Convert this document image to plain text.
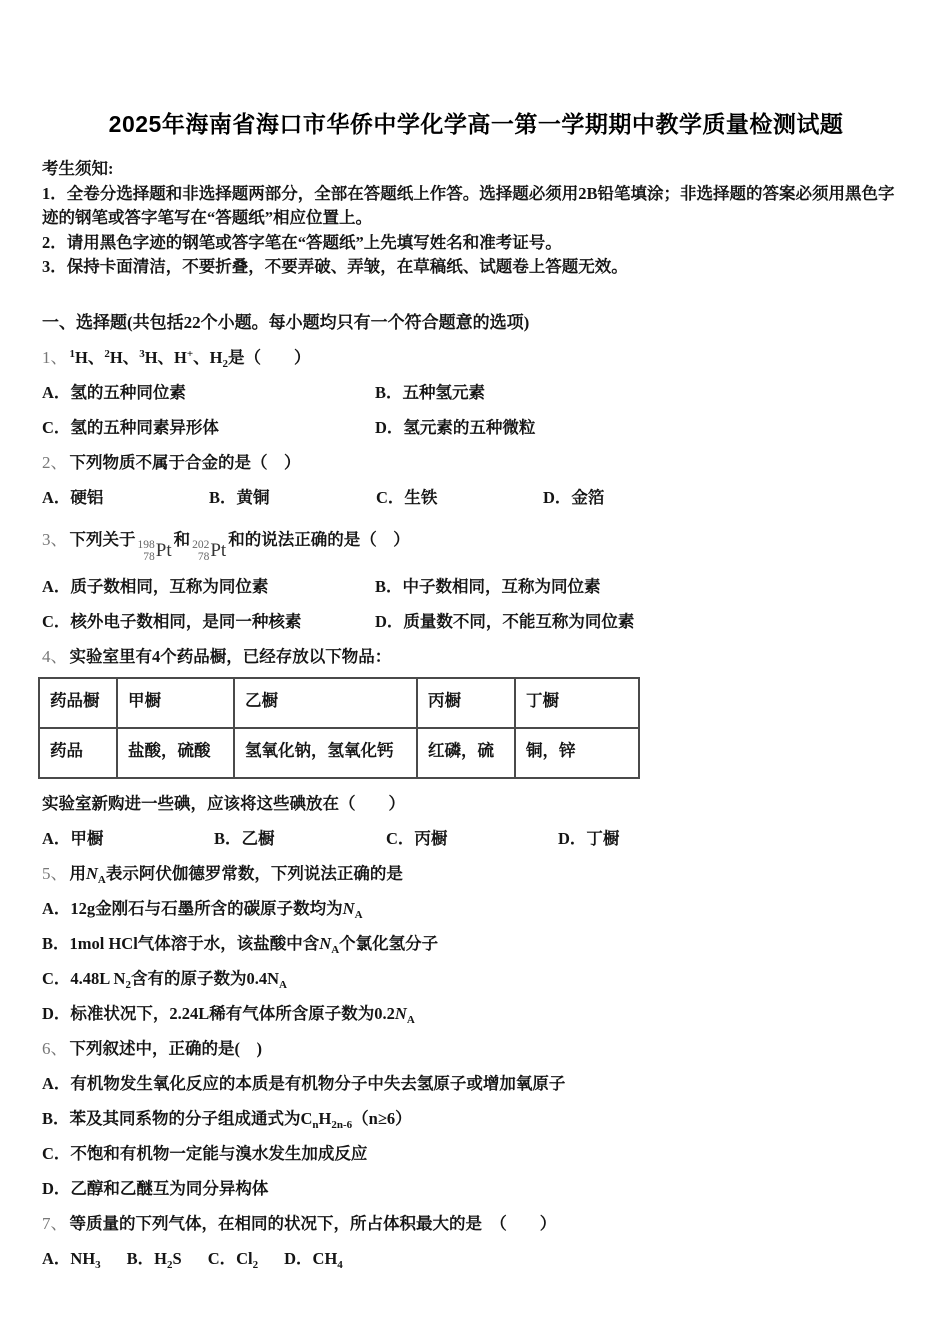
2025年海南省海口市华侨中学化学高一第一学期期中教学质量检测试题
考生须知:
1．全卷分选择题和非选择题两部分，全部在答题纸上作答。选择题必须用2B铅笔填涂；非选择题的答案必须用黑色字迹的钢笔或答字笔写在“答题纸”相应位置上。
2．请用黑色字迹的钢笔或答字笔在“答题纸”上先填写姓名和准考证号。
3．保持卡面清洁，不要折叠，不要弄破、弄皱，在草稿纸、试题卷上答题无效。
一、选择题(共包括22个小题。每小题均只有一个符合题意的选项)
1、 $^1$H、$^2$H、$^3$H、H+、$H_2$是（　　）
A．氢的五种同位素	B．五种氢元素
C．氢的五种同素异形体	D．氢元素的五种微粒
2、 下列物质不属于合金的是（　）
A．硬铝	B．黄铜	C．生铁	D．金箔
3、 下列关于 198
78 Pt
和 202
78 Pt
和的说法正确的是（　）
A．质子数相同，互称为同位素	B．中子数相同，互称为同位素
C．核外电子数相同，是同一种核素	D．质量数不同，不能互称为同位素
4、 实验室里有4个药品橱，已经存放以下物品：
药品橱	甲橱	乙橱	丙橱	丁橱
药品	盐酸，硫酸	氢氧化钠，氢氧化钙	红磷，硫	铜，锌
实验室新购进一些碘，应该将这些碘放在（　　）
A．甲橱	B．乙橱	C．丙橱	D．丁橱
5、 用$N_A$表示阿伏伽德罗常数，下列说法正确的是
A．12g金刚石与石墨所含的碳原子数均为$N_A$
B．1mol HCl气体溶于水，该盐酸中含$N_A$个氯化氢分子
C．4.48L $N_2$含有的原子数为$0.4N_A$
D．标准状况下，2.24L稀有气体所含原子数为$0.2N_A$
6、 下列叙述中，正确的是(　)
A．有机物发生氧化反应的本质是有机物分子中失去氢原子或增加氧原子
B．苯及其同系物的分子组成通式为$C_nH_{2n-6}(n\ge 6)$
C．不饱和有机物一定能与溴水发生加成反应
D．乙醇和乙醚互为同分异构体
7、 等质量的下列气体，在相同的状况下，所占体积最大的是　（　　）
A．$NH_3$ B．$H_2S$ C．$Cl_2$ D．$CH_4$
